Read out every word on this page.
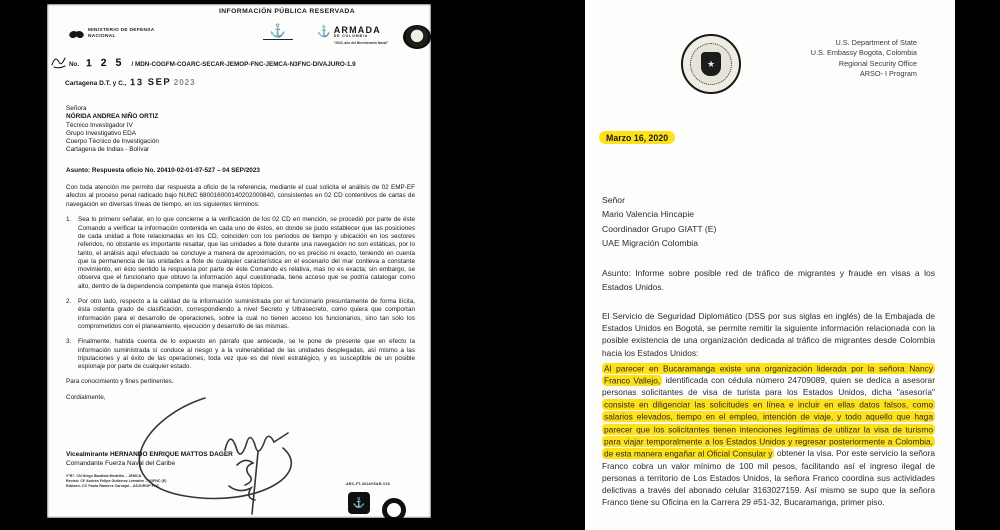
INFORMACIÓN PÚBLICA RESERVADA
MINISTERIO DE DEFENSA
NACIONAL	⚓	⚓ ARMADA
DE COLOMBIA
"2023, año del Bicentenario Naval"
No. 1 2 5 / MDN-COGFM-COARC-SECAR-JEMOP-FNC-JEMCA-N3FNC-DIVAJURO-1.9
Cartagena D.T. y C., 13 SEP 2023
Señora
NÓRIDA ANDREA NIÑO ORTIZ
Técnico Investigador IV
Grupo Investigativo EDA
Cuerpo Técnico de Investigación
Cartagena de Indias - Bolívar
Asunto: Respuesta oficio No. 20410-02-01-07-527 – 04 SEP/2023

Con toda atención me permito dar respuesta a oficio de la referencia, mediante el cual solicita el análisis de 02 EMP-EF afectos al proceso penal radicado bajo NUNC 680016000140202000840, consistentes en 02 CD contentivos de cartas de navegación en diversas líneas de tiempo, en los siguientes términos:

1. Sea lo primero señalar, en lo que concierne a la verificación de los 02 CD en mención, se procedió por parte de éste Comando a verificar la información contenida en cada uno de éstos, en donde se pudo establecer que las posiciones de cada unidad a flote relacionadas en los CD, coinciden con los períodos de tiempo y ubicación en los sectores referidos, no obstante es importante resaltar, que las unidades a flote durante una navegación no son estáticas, por lo tanto, el análisis aquí efectuado se concluye a manera de aproximación, no es preciso ni exacto, teniendo en cuenta que la permanencia de las unidades a flote de cualquier característica en el escenario del mar conlleva a constante movimiento, en ésto sentido la respuesta por parte de éste Comando es relativa, mas no es exacta; sin embargo, se observa que el funcionario que obtuvo la información aquí cuestionada, tiene acceso que se podría catalogar como alto, dentro de la dependencia competente que maneja éstos tópicos.
2. Por otro lado, respecto a la calidad de la información suministrada por el funcionario presuntamente de forma ilícita, ésta ostenta grado de clasificación, correspondiendo a nivel Secreto y Ultrasecreto, como quiera que comportan información para el desarrollo de operaciones, sobre la cual no tienen acceso los funcionarios, sino tan sólo los comprometidos con el planeamiento, ejecución y desarrollo de las mismas.
3. Finalmente, habida cuenta de lo expuesto en párrafo que antecede, se le pone de presente que en efecto la información suministrada sí conduce al riesgo y a la vulnerabilidad de las unidades desplegadas, así mismo a las tripulaciones y al éxito de las operaciones, toda vez que es del nivel estratégico, y es susceptible de un posible espionaje por parte de cualquier estado.

Para conocimiento y fines pertinentes.

Cordialmente,

Vicealmirante HERNANDO ENRIQUE MATTOS DAGER
Comandante Fuerza Naval del Caribe
V°B°: CN Diego Bautista Medellín – JEMCA
Revisó: CF Andrés Felipe Gutiérrez Lemaitre – N3FNC (E)
Elaboró: CC Paola Ramírez Carvajal – ASJUROP FNC
ARC-FT-301AYSAR-V16
⚓
★
U.S. Department of State
U.S. Embassy Bogota, Colombia
Regional Security Office
ARSO- I Program
Marzo 16, 2020
Señor
Mario Valencia Hincapie
Coordinador Grupo GIATT (E)
UAE Migración Colombia
Asunto: Informe sobre posible red de tráfico de migrantes y fraude en visas a los Estados Unidos.
El Servicio de Seguridad Diplomático (DSS por sus siglas en inglés) de la Embajada de Estados Unidos en Bogotá, se permite remitir la siguiente información relacionada con la posible existencia de una organización dedicada al tráfico de migrantes desde Colombia hacia los Estados Unidos:
Al parecer en Bucaramanga existe una organización liderada por la señora Nancy Franco Vallejo, identificada con cédula número 24709089, quien se dedica a asesorar personas solicitantes de visa de turista para los Estados Unidos, dicha "asesoría" consiste en diligenciar las solicitudes en línea e incluir en ellas datos falsos, como salarios elevados, tiempo en el empleo, intención de viaje, y todo aquello que haga parecer que los solicitantes tienen intenciones legítimas de utilizar la visa de turismo para viajar temporalmente a los Estados Unidos y regresar posteriormente a Colombia, de esta manera engañar al Oficial Consular y obtener la visa. Por este servicio la señora Franco cobra un valor mínimo de 100 mil pesos, facilitando así el ingreso ilegal de personas a territorio de Los Estados Unidos, la señora Franco coordina sus actividades delictivas a través del abonado celular 3163027159. Así mismo se supo que la señora Franco tiene su Oficina en la Carrera 29 #51-32, Bucaramanga, primer piso.
